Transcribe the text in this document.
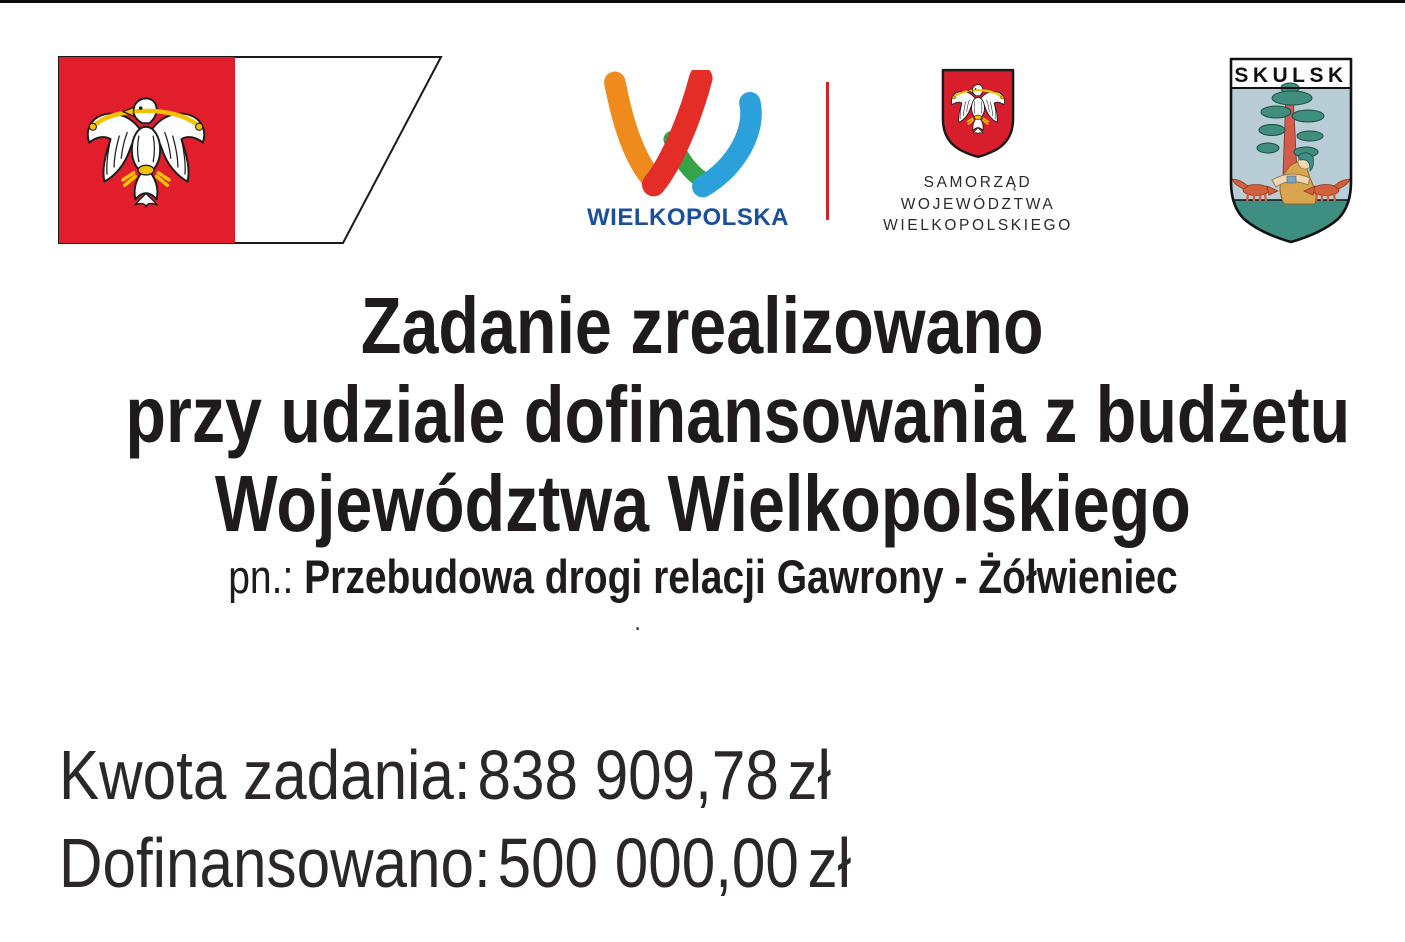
WIELKOPOLSKA
SAMORZĄD
WOJEWÓDZTWA
WIELKOPOLSKIEGO
SKULSK
Zadanie zrealizowano
przy udziale dofinansowania z budżetu
Województwa Wielkopolskiego
pn.: Przebudowa drogi relacji Gawrony - Żółwieniec
.
Kwota zadania:838 909,78 zł
Dofinansowano:500 000,00 zł
